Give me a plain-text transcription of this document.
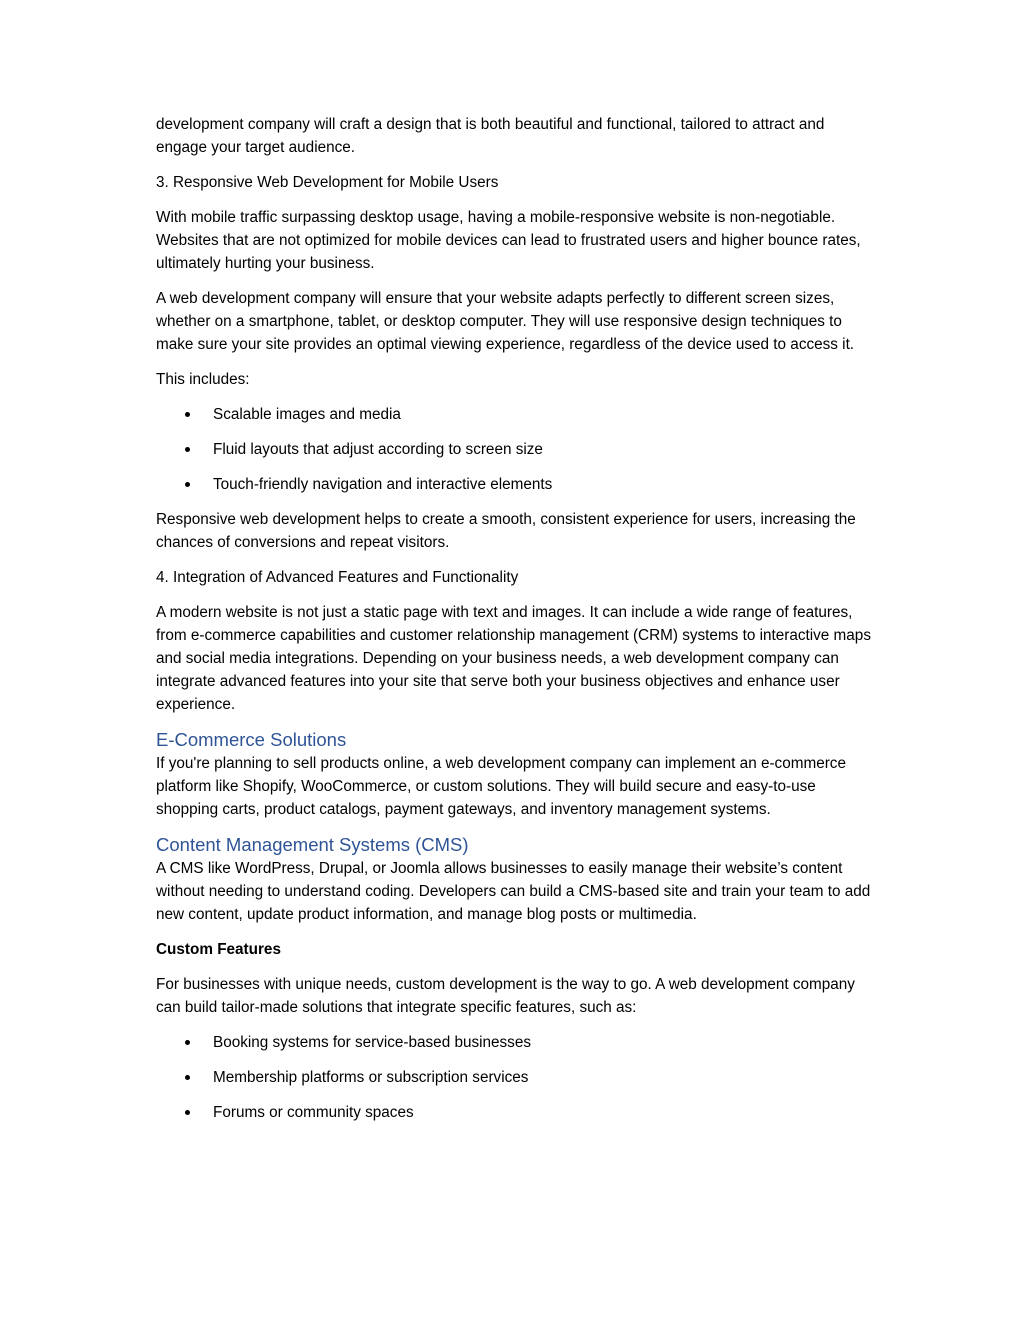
development company will craft a design that is both beautiful and functional, tailored to attract and engage your target audience.

3. Responsive Web Development for Mobile Users

With mobile traffic surpassing desktop usage, having a mobile-responsive website is non-negotiable. Websites that are not optimized for mobile devices can lead to frustrated users and higher bounce rates, ultimately hurting your business.

A web development company will ensure that your website adapts perfectly to different screen sizes, whether on a smartphone, tablet, or desktop computer. They will use responsive design techniques to make sure your site provides an optimal viewing experience, regardless of the device used to access it.

This includes:

Scalable images and media
Fluid layouts that adjust according to screen size
Touch-friendly navigation and interactive elements

Responsive web development helps to create a smooth, consistent experience for users, increasing the chances of conversions and repeat visitors.

4. Integration of Advanced Features and Functionality

A modern website is not just a static page with text and images. It can include a wide range of features, from e-commerce capabilities and customer relationship management (CRM) systems to interactive maps and social media integrations. Depending on your business needs, a web development company can integrate advanced features into your site that serve both your business objectives and enhance user experience.

E-Commerce Solutions

If you're planning to sell products online, a web development company can implement an e-commerce platform like Shopify, WooCommerce, or custom solutions. They will build secure and easy-to-use shopping carts, product catalogs, payment gateways, and inventory management systems.

Content Management Systems (CMS)

A CMS like WordPress, Drupal, or Joomla allows businesses to easily manage their website’s content without needing to understand coding. Developers can build a CMS-based site and train your team to add new content, update product information, and manage blog posts or multimedia.

Custom Features

For businesses with unique needs, custom development is the way to go. A web development company can build tailor-made solutions that integrate specific features, such as:

Booking systems for service-based businesses
Membership platforms or subscription services
Forums or community spaces
